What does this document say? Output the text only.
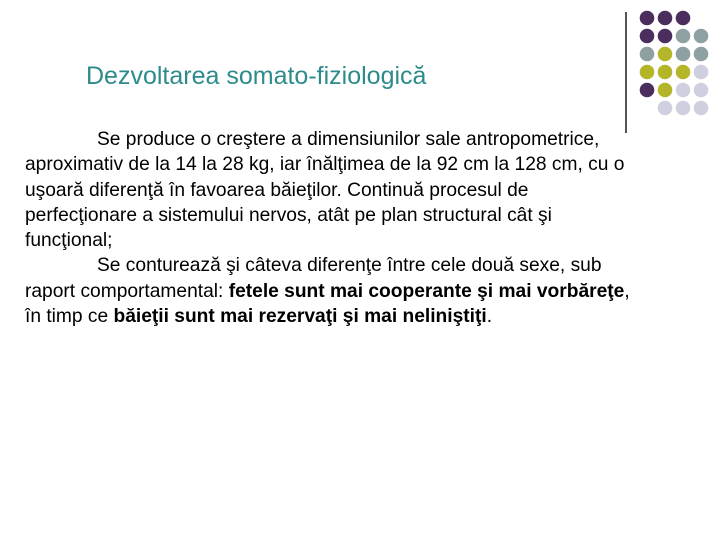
Dezvoltarea somato-fiziologică

Se produce o creştere a dimensiunilor sale antropometrice, aproximativ de la 14 la 28 kg, iar înălţimea de la 92 cm la 128 cm, cu o uşoară diferenţă în favoarea băieţilor. Continuă procesul de perfecţionare a sistemului nervos, atât pe plan structural cât şi funcţional;

Se conturează şi câteva diferenţe între cele două sexe, sub raport comportamental: fetele sunt mai cooperante şi mai vorbăreţe, în timp ce băieţii sunt mai rezervaţi şi mai neliniştiţi.
